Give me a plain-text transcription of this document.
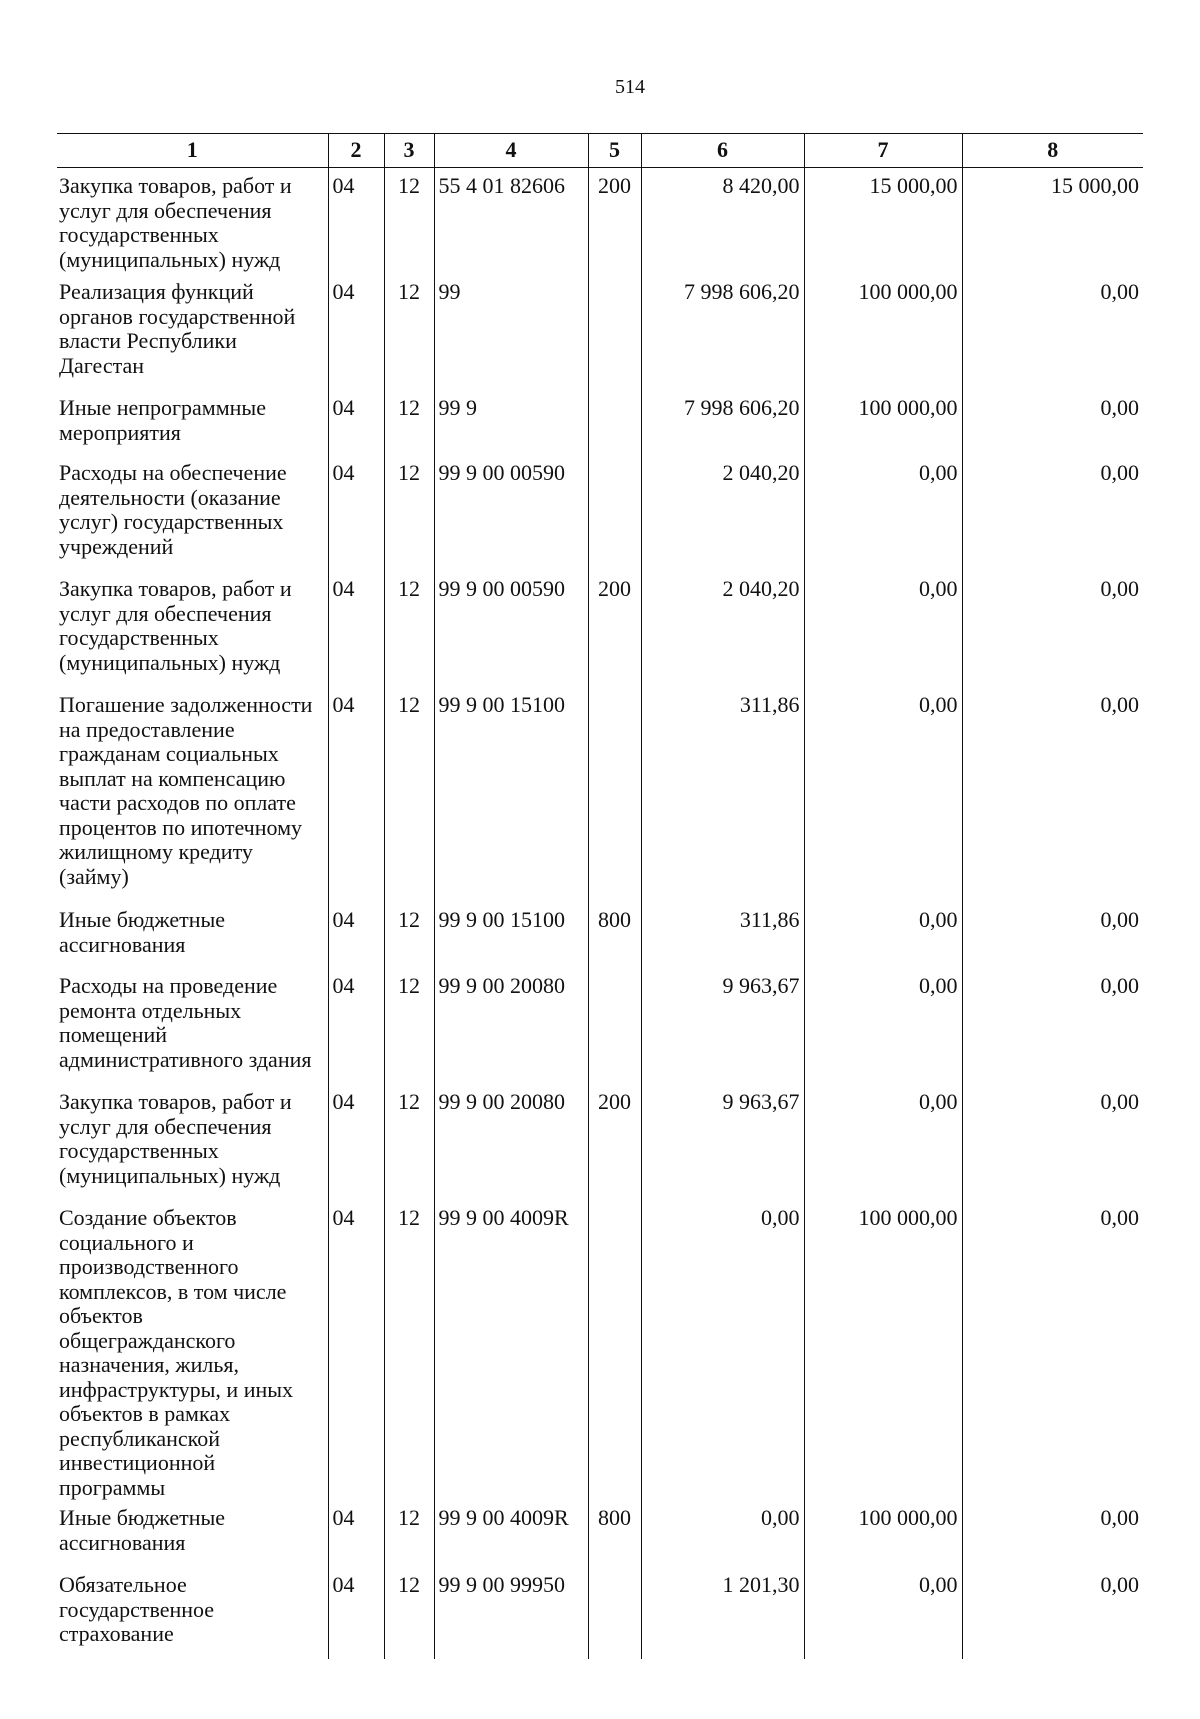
514
1	2	3	4	5	6	7	8
Закупка товаров, работ и услуг для обеспечения государственных (муниципальных) нужд	04	12	55 4 01 82606	200	8 420,00	15 000,00	15 000,00
Реализация функций органов государственной власти Республики Дагестан	04	12	99		7 998 606,20	100 000,00	0,00
Иные непрограммные мероприятия	04	12	99 9		7 998 606,20	100 000,00	0,00
Расходы на обеспечение деятельности (оказание услуг) государственных учреждений	04	12	99 9 00 00590		2 040,20	0,00	0,00
Закупка товаров, работ и услуг для обеспечения государственных (муниципальных) нужд	04	12	99 9 00 00590	200	2 040,20	0,00	0,00
Погашение задолженности на предоставление гражданам социальных выплат на компенсацию части расходов по оплате процентов по ипотечному жилищному кредиту (займу)	04	12	99 9 00 15100		311,86	0,00	0,00
Иные бюджетные ассигнования	04	12	99 9 00 15100	800	311,86	0,00	0,00
Расходы на проведение ремонта отдельных помещений административного здания	04	12	99 9 00 20080		9 963,67	0,00	0,00
Закупка товаров, работ и услуг для обеспечения государственных (муниципальных) нужд	04	12	99 9 00 20080	200	9 963,67	0,00	0,00
Создание объектов социального и производственного комплексов, в том числе объектов общегражданского назначения, жилья, инфраструктуры, и иных объектов в рамках республиканской инвестиционной программы	04	12	99 9 00 4009R		0,00	100 000,00	0,00
Иные бюджетные ассигнования	04	12	99 9 00 4009R	800	0,00	100 000,00	0,00
Обязательное государственное страхование	04	12	99 9 00 99950		1 201,30	0,00	0,00
